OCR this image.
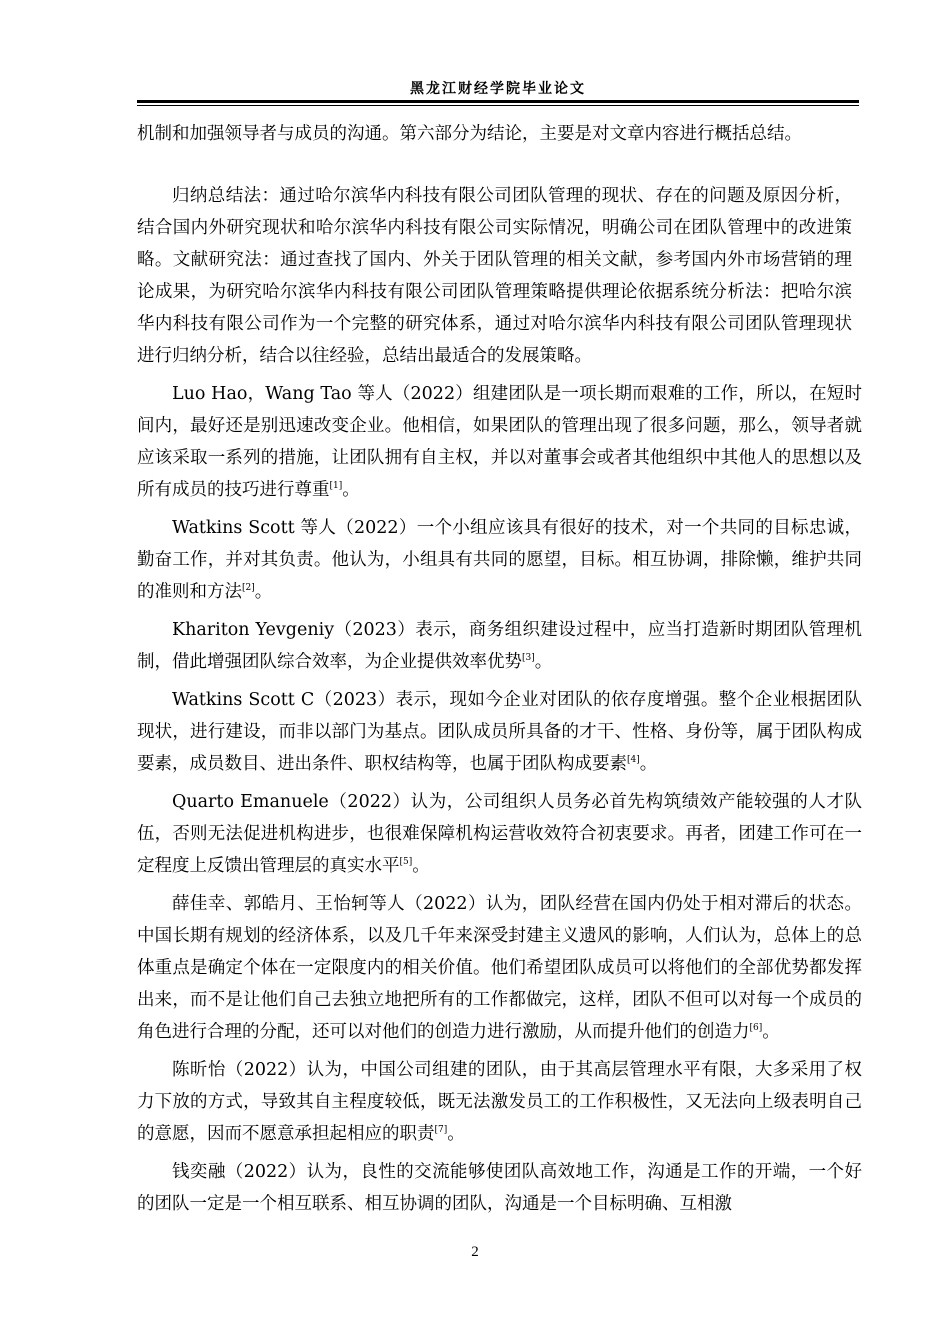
黑龙江财经学院毕业论文

机制和加强领导者与成员的沟通。第六部分为结论，主要是对文章内容进行概括总结。

归纳总结法：通过哈尔滨华内科技有限公司团队管理的现状、存在的问题及原因分析，结合国内外研究现状和哈尔滨华内科技有限公司实际情况，明确公司在团队管理中的改进策略。文献研究法：通过查找了国内、外关于团队管理的相关文献，参考国内外市场营销的理论成果，为研究哈尔滨华内科技有限公司团队管理策略提供理论依据系统分析法：把哈尔滨华内科技有限公司作为一个完整的研究体系，通过对哈尔滨华内科技有限公司团队管理现状进行归纳分析，结合以往经验，总结出最适合的发展策略。

Luo Hao，Wang Tao 等人（2022）组建团队是一项长期而艰难的工作，所以，在短时间内，最好还是别迅速改变企业。他相信，如果团队的管理出现了很多问题，那么，领导者就应该采取一系列的措施，让团队拥有自主权，并以对董事会或者其他组织中其他人的思想以及所有成员的技巧进行尊重[1]。

Watkins Scott 等人（2022）一个小组应该具有很好的技术，对一个共同的目标忠诚，勤奋工作，并对其负责。他认为，小组具有共同的愿望，目标。相互协调，排除懒，维护共同的准则和方法[2]。

Khariton Yevgeniy（2023）表示，商务组织建设过程中，应当打造新时期团队管理机制，借此增强团队综合效率，为企业提供效率优势[3]。

Watkins Scott C（2023）表示，现如今企业对团队的依存度增强。整个企业根据团队现状，进行建设，而非以部门为基点。团队成员所具备的才干、性格、身份等，属于团队构成要素，成员数目、进出条件、职权结构等，也属于团队构成要素[4]。

Quarto Emanuele（2022）认为，公司组织人员务必首先构筑绩效产能较强的人才队伍，否则无法促进机构进步，也很难保障机构运营收效符合初衷要求。再者，团建工作可在一定程度上反馈出管理层的真实水平[5]。

薛佳幸、郭皓月、王怡轲等人（2022）认为，团队经营在国内仍处于相对滞后的状态。中国长期有规划的经济体系，以及几千年来深受封建主义遗风的影响，人们认为，总体上的总体重点是确定个体在一定限度内的相关价值。他们希望团队成员可以将他们的全部优势都发挥出来，而不是让他们自己去独立地把所有的工作都做完，这样，团队不但可以对每一个成员的角色进行合理的分配，还可以对他们的创造力进行激励，从而提升他们的创造力[6]。

陈昕怡（2022）认为，中国公司组建的团队，由于其高层管理水平有限，大多采用了权力下放的方式，导致其自主程度较低，既无法激发员工的工作积极性，又无法向上级表明自己的意愿，因而不愿意承担起相应的职责[7]。

钱奕融（2022）认为，良性的交流能够使团队高效地工作，沟通是工作的开端，一个好的团队一定是一个相互联系、相互协调的团队，沟通是一个目标明确、互相激

2
